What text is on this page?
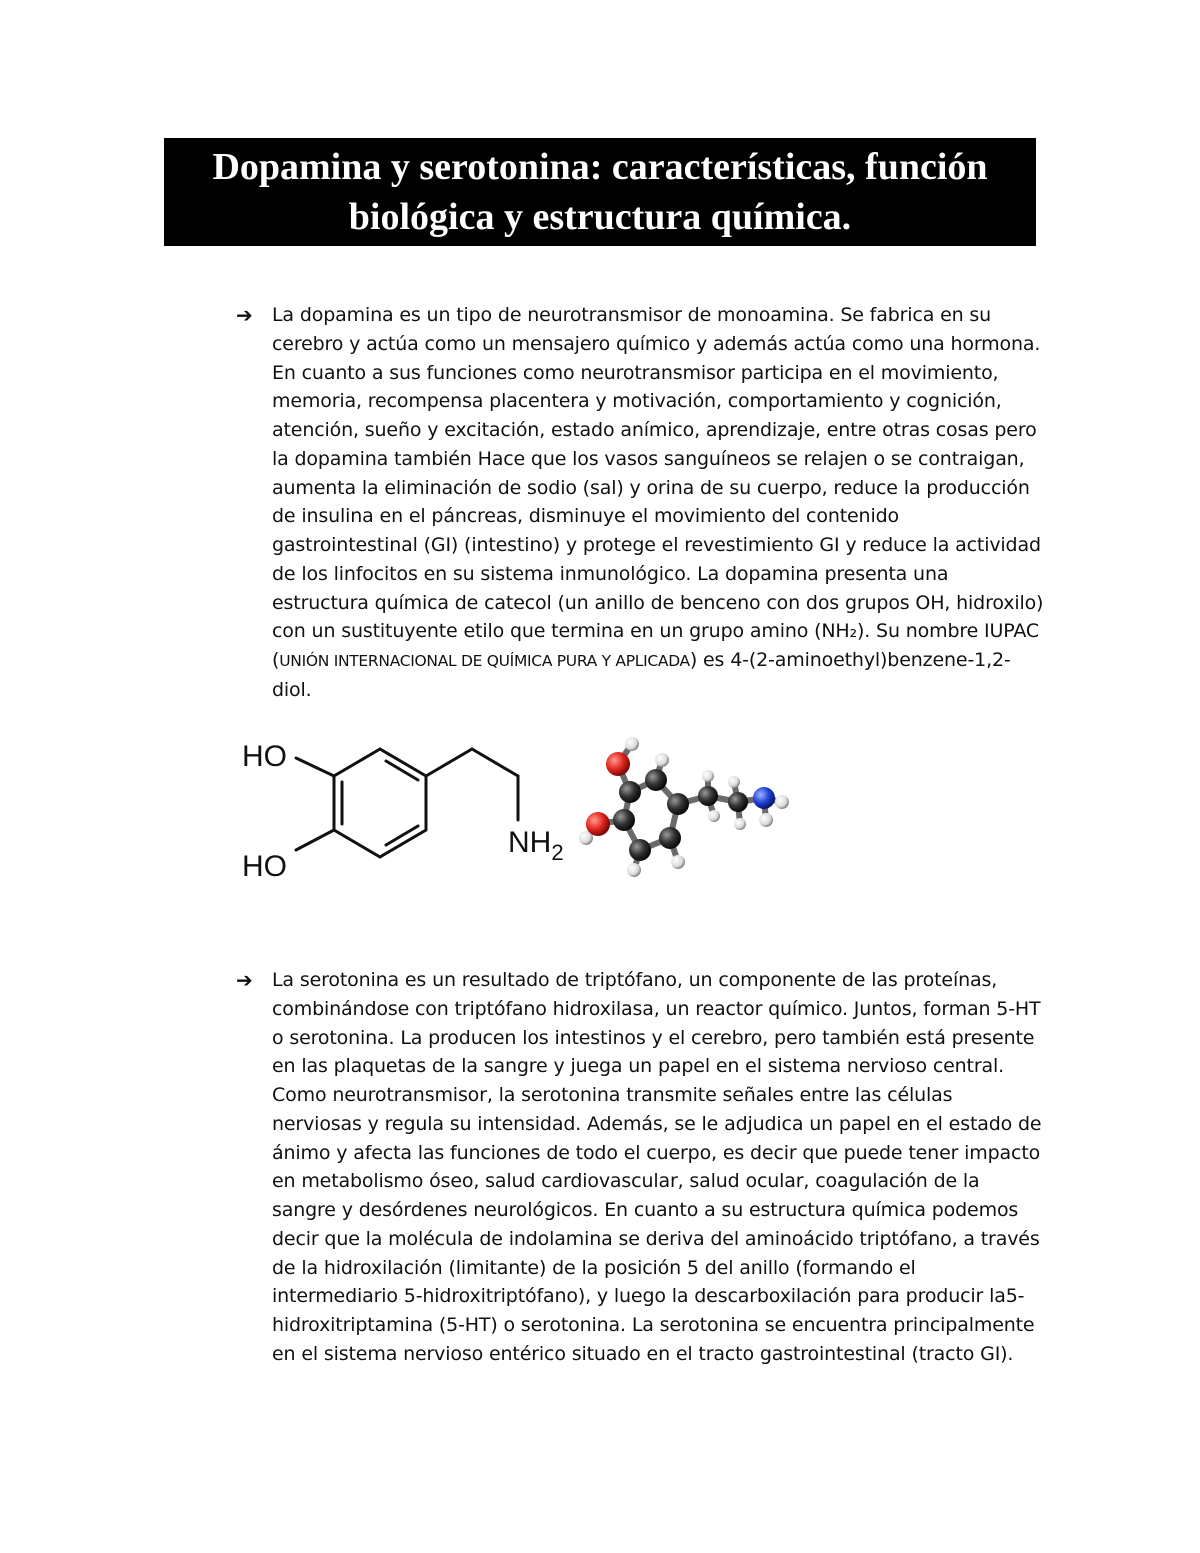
Dopamina y serotonina: características, función
biológica y estructura química.
➔ La dopamina es un tipo de neurotransmisor de monoamina. Se fabrica en su cerebro y actúa como un mensajero químico y además actúa como una hormona. En cuanto a sus funciones como neurotransmisor participa en el movimiento, memoria, recompensa placentera y motivación, comportamiento y cognición, atención, sueño y excitación, estado anímico, aprendizaje, entre otras cosas pero la dopamina también Hace que los vasos sanguíneos se relajen o se contraigan, aumenta la eliminación de sodio (sal) y orina de su cuerpo, reduce la producción de insulina en el páncreas, disminuye el movimiento del contenido gastrointestinal (GI) (intestino) y protege el revestimiento GI y reduce la actividad de los linfocitos en su sistema inmunológico. La dopamina presenta una estructura química de catecol (un anillo de benceno con dos grupos OH, hidroxilo) con un sustituyente etilo que termina en un grupo amino (NH₂). Su nombre IUPAC (UNIÓN INTERNACIONAL DE QUÍMICA PURA Y APLICADA) es 4-(2-aminoethyl)benzene-1,2-diol.

HO
HO
$NH_2$
➔ La serotonina es un resultado de triptófano, un componente de las proteínas, combinándose con triptófano hidroxilasa, un reactor químico. Juntos, forman 5-HT o serotonina. La producen los intestinos y el cerebro, pero también está presente en las plaquetas de la sangre y juega un papel en el sistema nervioso central. Como neurotransmisor, la serotonina transmite señales entre las células nerviosas y regula su intensidad. Además, se le adjudica un papel en el estado de ánimo y afecta las funciones de todo el cuerpo, es decir que puede tener impacto en metabolismo óseo, salud cardiovascular, salud ocular, coagulación de la sangre y desórdenes neurológicos. En cuanto a su estructura química podemos decir que la molécula de indolamina se deriva del aminoácido triptófano, a través de la hidroxilación (limitante) de la posición 5 del anillo (formando el intermediario 5-hidroxitriptófano), y luego la descarboxilación para producir la5-hidroxitriptamina (5-HT) o serotonina. La serotonina se encuentra principalmente en el sistema nervioso entérico situado en el tracto gastrointestinal (tracto GI).
